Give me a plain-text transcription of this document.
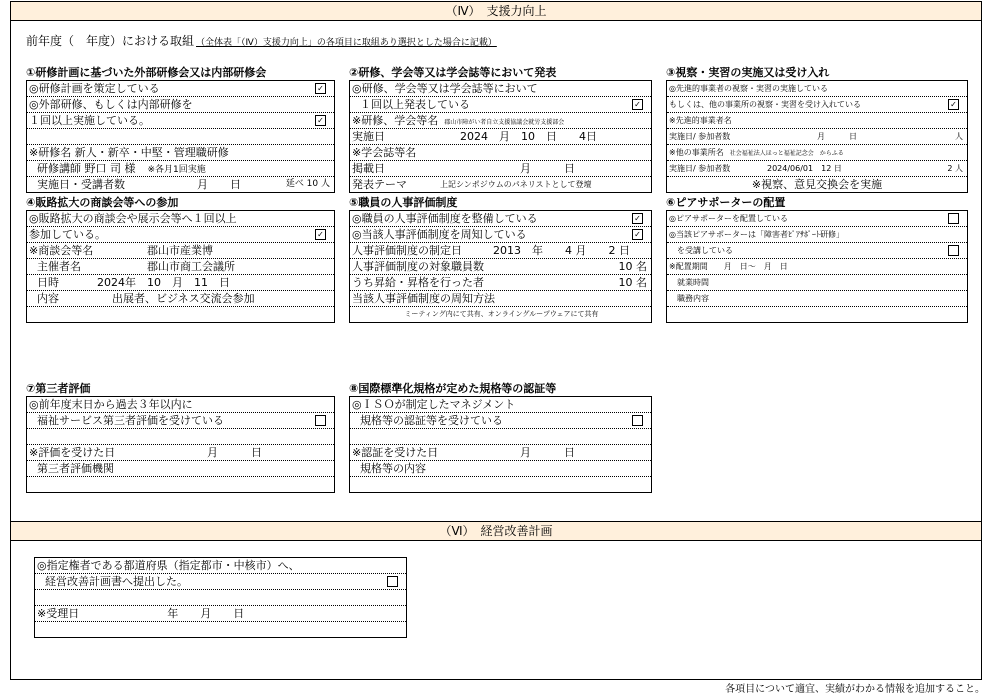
（Ⅳ）　支援力向上
前年度（　年度）における取組 （全体表「（Ⅳ）支援力向上」の各項目に取組あり選択とした場合に記載）
①研修計画に基づいた外部研修会又は内部研修会
◎研修計画を策定している	✓
◎外部研修、もしくは内部研修を
１回以上実施している。	✓
※研修名 新人・新卒・中堅・管理職研修
研修講師 野口 司 様 ※各月1回実施
実施日・受講者数	月　　日	延べ 10 人
②研修、学会等又は学会誌等において発表
◎研修、学会等又は学会誌等において
１回以上発表している	✓
※研修、学会等名 郡山市障がい者自立支援協議会就労支援部会
実施日	2024　月　10　日　　4日
※学会誌等名
掲載日	月　　　日
発表テーマ	上記シンポジウムのパネリストとして登壇
③視察・実習の実施又は受け入れ
◎先進的事業者の視察・実習の実施している
もしくは、他の事業所の視察・実習を受け入れている	✓
※先進的事業者名
実施日/ 参加者数	月　　　日	人
※他の事業所名 社会福祉法人ほっと福祉記念会　からふる
実施日/ 参加者数	2024/06/01　12 日	2 人
※視察、意見交換会を実施
④販路拡大の商談会等への参加
◎販路拡大の商談会や展示会等へ１回以上
参加している。	✓
※商談会等名	郡山市産業博
主催者名	郡山市商工会議所
日時	2024年　10　月　11　日
内容	出展者、ビジネス交流会参加
⑤職員の人事評価制度
◎職員の人事評価制度を整備している	✓
◎当該人事評価制度を周知している	✓
人事評価制度の制定日	2013　年　　4 月　　2 日
人事評価制度の対象職員数	10 名
うち昇給・昇格を行った者	10 名
当該人事評価制度の周知方法
ミーティング内にて共有、オンライングループウェアにて共有
⑥ピアサポーターの配置
◎ピアサポーターを配置している
◎当該ピアサポーターは「障害者ﾋﾟｱｻﾎﾟｰﾄ研修」
を受講している
※配置期間　　月　日～　月　日
就業時間
職務内容
⑦第三者評価
◎前年度末日から過去３年以内に
福祉サービス第三者評価を受けている
※評価を受けた日	月　　　日
第三者評価機関
⑧国際標準化規格が定めた規格等の認証等
◎ＩＳＯが制定したマネジメント
規格等の認証等を受けている
※認証を受けた日	月　　　日
規格等の内容
（Ⅵ）　経営改善計画
◎指定権者である都道府県（指定都市・中核市）へ、
経営改善計画書へ提出した。
※受理日　　　　　　　　年　　月　　日
各項目について適宜、実績がわかる情報を追加すること。
